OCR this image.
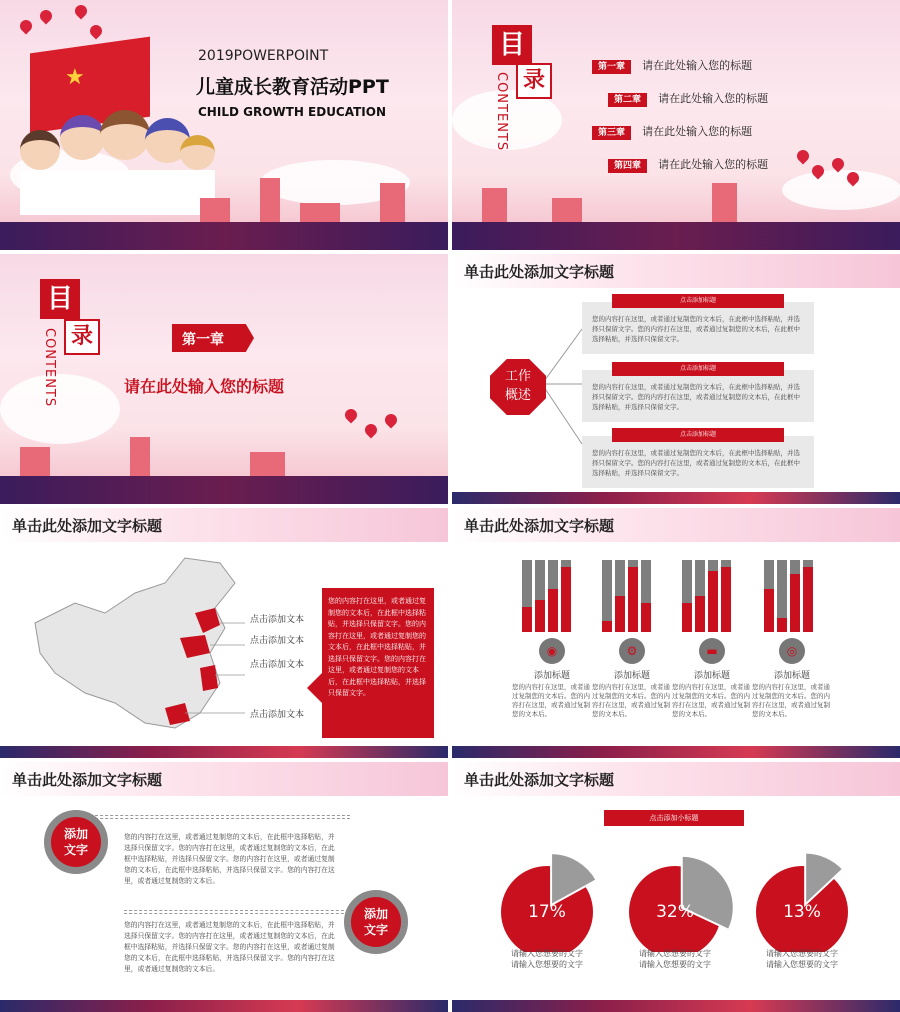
★
2019POWERPOINT
儿童成长教育活动PPT
CHILD GROWTH EDUCATION
目
录
CONTENTS
第一章 请在此处输入您的标题
第二章 请在此处输入您的标题
第三章 请在此处输入您的标题
第四章 请在此处输入您的标题
目
录
CONTENTS	第一章
请在此处输入您的标题
单击此处添加文字标题
工作
概述
点击添加标题
您的内容打在这里，或者通过复制您的文本后，在此框中选择粘贴，并选择只保留文字。您的内容打在这里，或者通过复制您的文本后，在此框中选择粘贴，并选择只保留文字。
点击添加标题
您的内容打在这里，或者通过复制您的文本后，在此框中选择粘贴，并选择只保留文字。您的内容打在这里，或者通过复制您的文本后，在此框中选择粘贴，并选择只保留文字。
点击添加标题
您的内容打在这里，或者通过复制您的文本后，在此框中选择粘贴，并选择只保留文字。您的内容打在这里，或者通过复制您的文本后，在此框中选择粘贴，并选择只保留文字。
单击此处添加文字标题
点击添加文本
点击添加文本
点击添加文本
点击添加文本
您的内容打在这里，或者通过复制您的文本后，在此框中选择粘贴，并选择只保留文字。您的内容打在这里，或者通过复制您的文本后，在此框中选择粘贴，并选择只保留文字。您的内容打在这里，或者通过复制您的文本后，在此框中选择粘贴，并选择只保留文字。
单击此处添加文字标题
◉
添加标题
您的内容打在这里，或者通过复制您的文本后。您的内容打在这里，或者通过复制您的文本后。
⚙
添加标题
您的内容打在这里，或者通过复制您的文本后。您的内容打在这里，或者通过复制您的文本后。
▬
添加标题
您的内容打在这里，或者通过复制您的文本后。您的内容打在这里，或者通过复制您的文本后。
◎
添加标题
您的内容打在这里，或者通过复制您的文本后。您的内容打在这里，或者通过复制您的文本后。
单击此处添加文字标题
添加
文字
您的内容打在这里，或者通过复制您的文本后，在此框中选择粘贴，并选择只保留文字。您的内容打在这里，或者通过复制您的文本后，在此框中选择粘贴，并选择只保留文字。您的内容打在这里，或者通过复制您的文本后，在此框中选择粘贴，并选择只保留文字。您的内容打在这里，或者通过复制您的文本后。
添加
文字
您的内容打在这里，或者通过复制您的文本后，在此框中选择粘贴，并选择只保留文字。您的内容打在这里，或者通过复制您的文本后，在此框中选择粘贴，并选择只保留文字。您的内容打在这里，或者通过复制您的文本后，在此框中选择粘贴，并选择只保留文字。您的内容打在这里，或者通过复制您的文本后。
单击此处添加文字标题
点击添加小标题
17%	32%	13%
请输入您想要的文字
请输入您想要的文字
请输入您想要的文字
请输入您想要的文字
请输入您想要的文字
请输入您想要的文字
